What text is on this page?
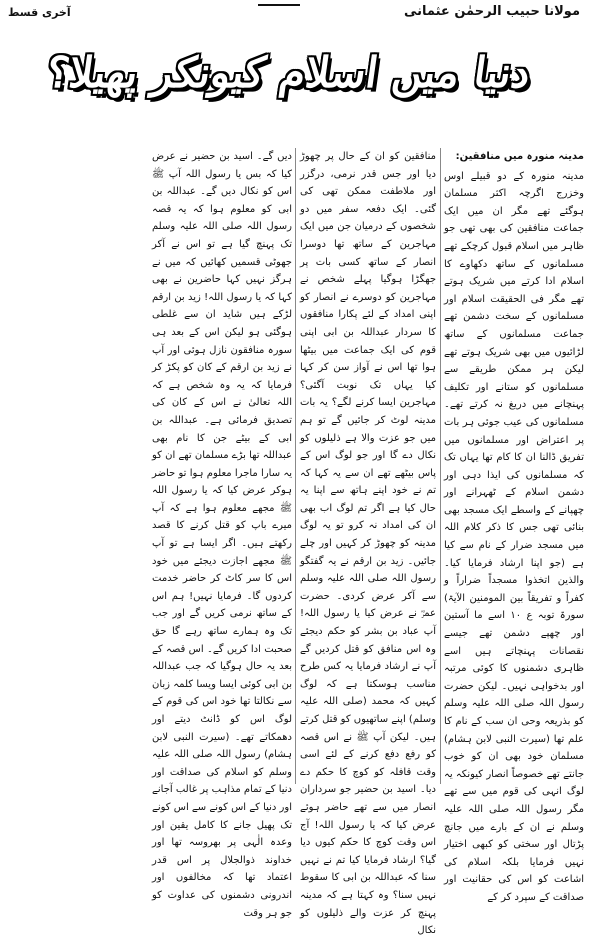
مولانا حبیب الرحمٰن عثمانی
آخری قسط
دنیا میں اسلام کیونکر پھیلا؟

مدینہ منورہ میں منافقین:

مدینہ منورہ کے دو قبیلے اوس وخزرج اگرچہ اکثر مسلمان ہوگئے تھے مگر ان میں ایک جماعت منافقین کی بھی تھی جو ظاہر میں اسلام قبول کرچکے تھے مسلمانوں کے ساتھ دکھاوے کا اسلام ادا کرتے میں شریک ہوتے تھے مگر فی الحقیقت اسلام اور مسلمانوں کے سخت دشمن تھے جماعت مسلمانوں کے ساتھ لڑائیوں میں بھی شریک ہوتے تھے لیکن ہر ممکن طریقے سے مسلمانوں کو ستانے اور تکلیف پہنچانے میں دریغ نہ کرتے تھے۔ مسلمانوں کی عیب جوئی ہر بات پر اعتراض اور مسلمانوں میں تفریق ڈالنا ان کا کام تھا یہاں تک کہ مسلمانوں کی ایذا دہی اور دشمن اسلام کے ٹھہرانے اور چھپانے کے واسطے ایک مسجد بھی بنائی تھی جس کا ذکر کلام اللہ میں مسجد ضرار کے نام سے کیا ہے (جو اپنا ارشاد فرمایا کیا۔ والذین اتخذوا مسجداً ضراراً و کفراً و تفریقاً بین المومنین الآیۃ) سورۃ توبہ ع ۱۰ اسے ما آستین اور چھپے دشمن تھے جیسے نقصانات پہنچاتے ہیں اسے ظاہری دشمنوں کا کوئی مرتبہ اور بدخواہی نہیں۔ لیکن حضرت رسول اللہ صلی اللہ علیہ وسلم کو بذریعہ وحی ان سب کے نام کا علم تھا (سیرت النبی لابن ہشام) مسلمان خود بھی ان کو خوب جانتے تھے خصوصاً انصار کیونکہ یہ لوگ انہی کی قوم میں سے تھے مگر رسول اللہ صلی اللہ علیہ وسلم نے ان کے بارے میں جانچ پڑتال اور سختی کو کبھی اختیار نہیں فرمایا بلکہ اسلام کی اشاعت کو اس کی حقانیت اور صداقت کے سپرد کر کے

منافقین کو ان کے حال پر چھوڑ دیا اور جس قدر نرمی، درگزر اور ملاطفت ممکن تھی کی گئی۔ ایک دفعہ سفر میں دو شخصوں کے درمیان جن میں ایک مہاجرین کے ساتھ تھا دوسرا انصار کے ساتھ کسی بات پر جھگڑا ہوگیا پہلے شخص نے مہاجرین کو دوسرے نے انصار کو اپنی امداد کے لئے پکارا منافقوں کا سردار عبداللہ بن ابی اپنی قوم کی ایک جماعت میں بیٹھا ہوا تھا اس نے آواز سن کر کہا کیا یہاں تک نوبت آگئی؟ مہاجرین ایسا کرنے لگے؟ یہ بات مدینہ لوٹ کر جائیں گے تو ہم میں جو عزت والا ہے ذلیلوں کو نکال دے گا اور جو لوگ اس کے پاس بیٹھے تھے ان سے یہ کہا کہ تم نے خود اپنے ہاتھ سے اپنا یہ حال کیا ہے اگر تم لوگ اب بھی ان کی امداد نہ کرو تو یہ لوگ مدینہ کو چھوڑ کر کہیں اور چلے جائیں۔ زید بن ارقم نے یہ گفتگو رسول اللہ صلی اللہ علیہ وسلم سے آکر عرض کردی۔ حضرت عمرؓ نے عرض کیا یا رسول اللہ! آپ عباد بن بشر کو حکم دیجئے وہ اس منافق کو قتل کردیں گے آپ نے ارشاد فرمایا یہ کس طرح مناسب ہوسکتا ہے کہ لوگ کہیں کہ محمد (صلی اللہ علیہ وسلم) اپنے ساتھیوں کو قتل کرتے ہیں۔ لیکن آپ ﷺ نے اس قصہ کو رفع دفع کرنے کے لئے اسی وقت قافلہ کو کوچ کا حکم دے دیا۔ اسید بن حضیر جو سرداران انصار میں سے تھے حاضر ہوئے عرض کیا کہ یا رسول اللہ! آج اس وقت کوچ کا حکم کیوں دیا گیا؟ ارشاد فرمایا کیا تم نے نہیں سنا کہ عبداللہ بن ابی کا سقوط نہیں سنا؟ وہ کہتا ہے کہ مدینہ پہنچ کر عزت والے ذلیلوں کو نکال

دیں گے۔ اسید بن حضیر نے عرض کیا کہ بس یا رسول اللہ آپ ﷺ اس کو نکال دیں گے۔ عبداللہ بن ابی کو معلوم ہوا کہ یہ قصہ رسول اللہ صلی اللہ علیہ وسلم تک پہنچ گیا ہے تو اس نے آکر جھوٹی قسمیں کھائیں کہ میں نے ہرگز نہیں کہا حاضرین نے بھی کہا کہ یا رسول اللہ! زید بن ارقم لڑکے ہیں شاید ان سے غلطی ہوگئی ہو لیکن اس کے بعد ہی سورہ منافقون نازل ہوئی اور آپ نے زید بن ارقم کے کان کو پکڑ کر فرمایا کہ یہ وہ شخص ہے کہ اللہ تعالیٰ نے اس کے کان کی تصدیق فرمائی ہے۔ عبداللہ بن ابی کے بیٹے جن کا نام بھی عبداللہ تھا بڑے مسلمان تھے ان کو یہ سارا ماجرا معلوم ہوا تو حاضر ہوکر عرض کیا کہ یا رسول اللہ ﷺ مجھے معلوم ہوا ہے کہ آپ میرے باپ کو قتل کرنے کا قصد رکھتے ہیں۔ اگر ایسا ہے تو آپ ﷺ مجھے اجازت دیجئے میں خود اس کا سر کاٹ کر حاضر خدمت کردوں گا۔ فرمایا نہیں! ہم اس کے ساتھ نرمی کریں گے اور جب تک وہ ہمارے ساتھ رہے گا حق صحبت ادا کریں گے۔ اس قصہ کے بعد یہ حال ہوگیا کہ جب عبداللہ بن ابی کوئی ایسا ویسا کلمہ زبان سے نکالتا تھا خود اس کی قوم کے لوگ اس کو ڈانٹ دیتے اور دھمکاتے تھے۔ (سیرت النبی لابن ہشام) رسول اللہ صلی اللہ علیہ وسلم کو اسلام کی صداقت اور دنیا کے تمام مذاہب پر غالب آجانے اور دنیا کے اس کونے سے اس کونے تک پھیل جانے کا کامل یقین اور وعدہ الٰہی پر بھروسہ تھا اور خداوند ذوالجلال پر اس قدر اعتماد تھا کہ مخالفوں اور اندرونی دشمنوں کی عداوت کو جو ہر وقت
